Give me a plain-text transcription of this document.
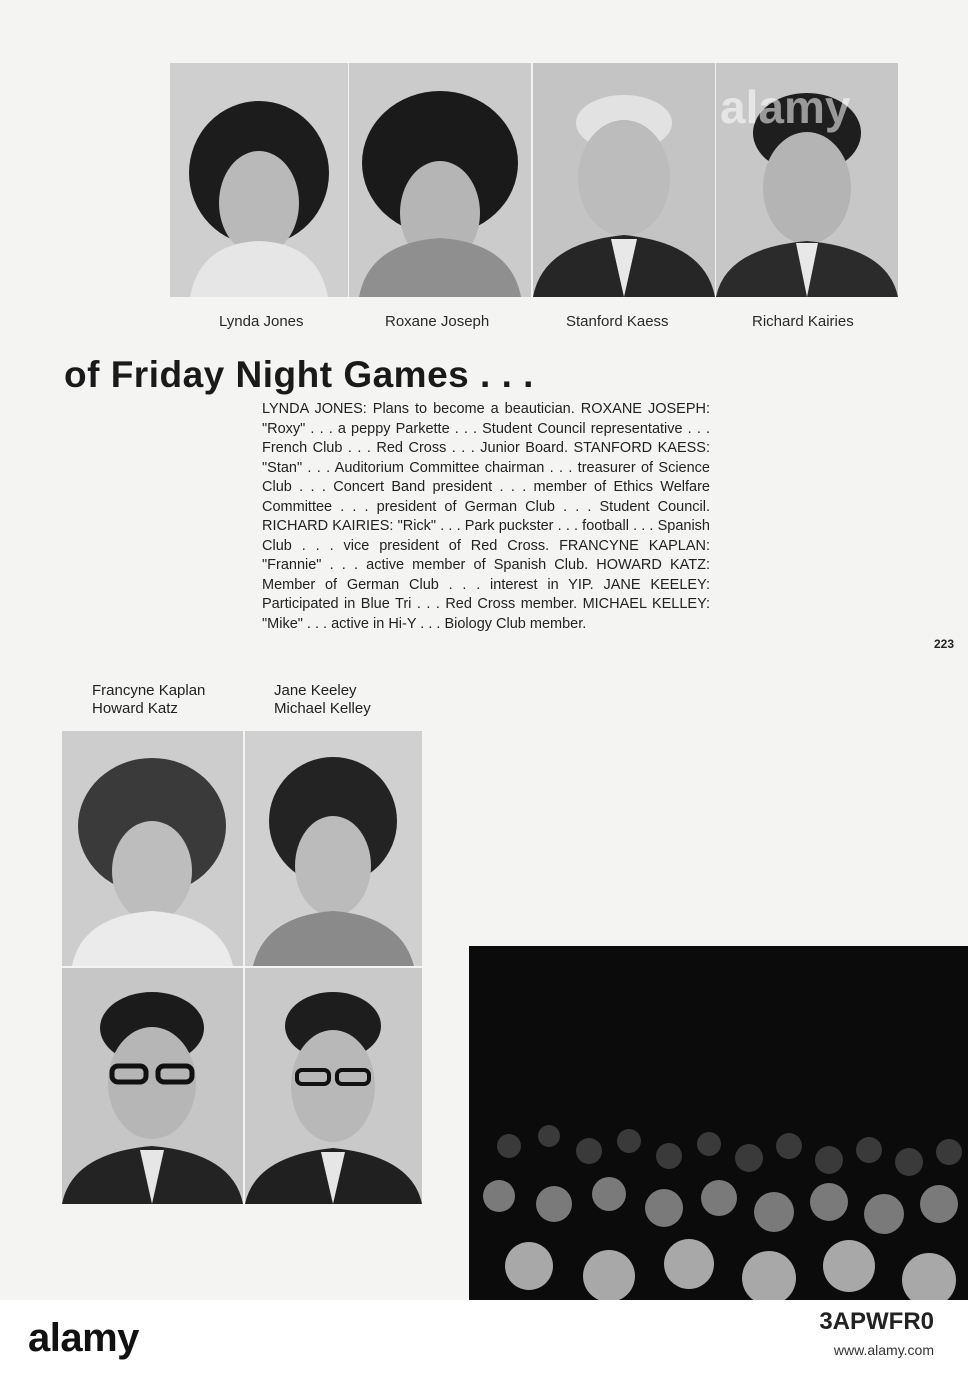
alamy
Lynda Jones	Roxane Joseph	Stanford Kaess	Richard Kairies
of Friday Night Games . . .
LYNDA JONES: Plans to become a beautician. ROXANE JOSEPH: "Roxy" . . . a peppy Parkette . . . Student Council representative . . . French Club . . . Red Cross . . . Junior Board. STANFORD KAESS: "Stan" . . . Auditorium Committee chairman . . . treasurer of Science Club . . . Concert Band president . . . member of Ethics Welfare Committee . . . president of German Club . . . Student Council. RICHARD KAIRIES: "Rick" . . . Park puckster . . . football . . . Spanish Club . . . vice president of Red Cross. FRANCYNE KAPLAN: "Frannie" . . . active member of Spanish Club. HOWARD KATZ: Member of German Club . . . interest in YIP. JANE KEELEY: Participated in Blue Tri . . . Red Cross member. MICHAEL KELLEY: "Mike" . . . active in Hi-Y . . . Biology Club member.
223
Francyne Kaplan
Howard Katz
Jane Keeley
Michael Kelley
alamy	3APWFR0
www.alamy.com
